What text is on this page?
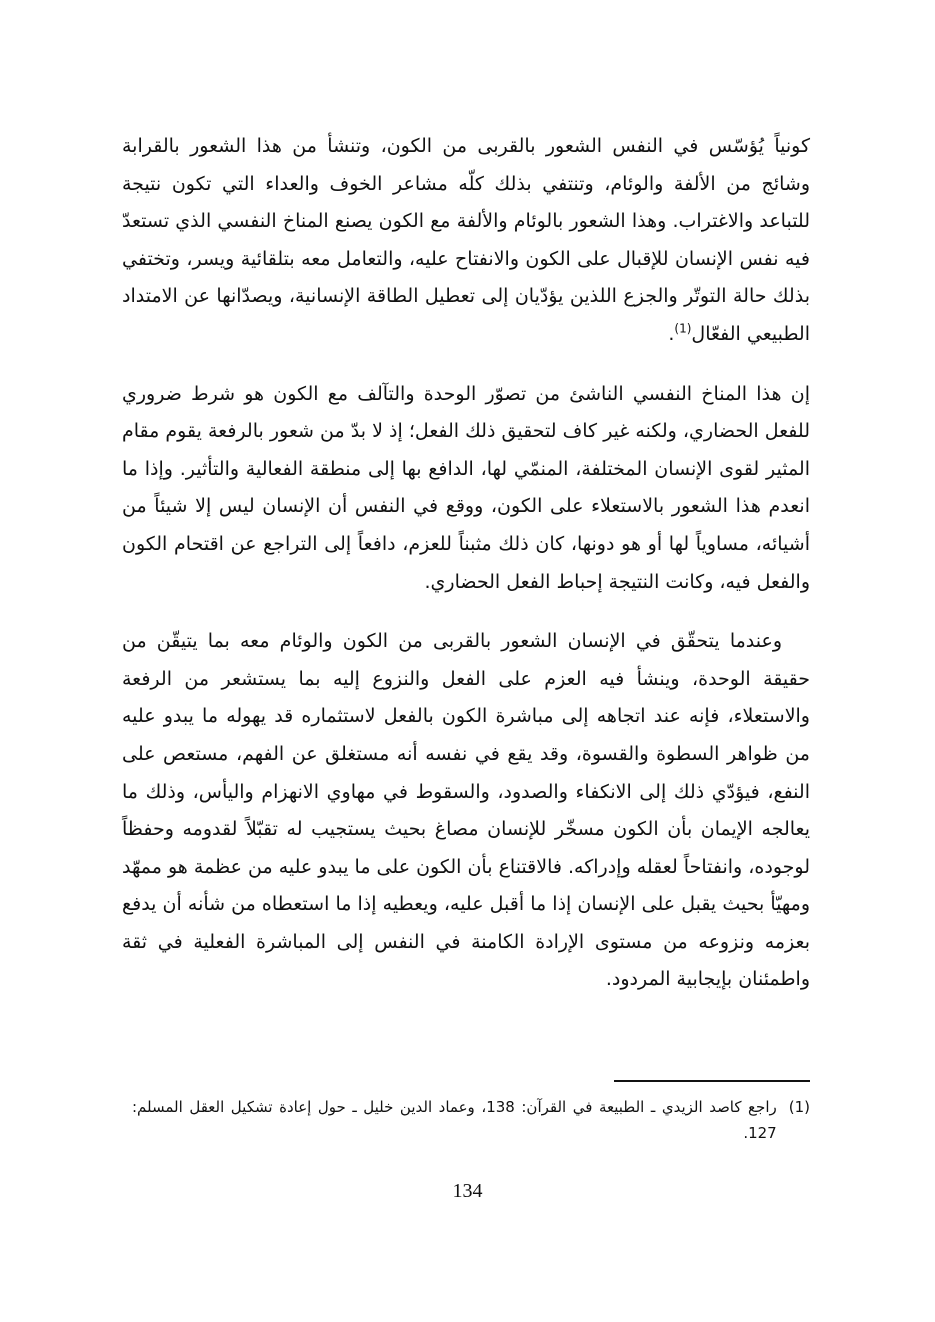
كونياً يُؤسّس في النفس الشعور بالقربى من الكون، وتنشأ من هذا الشعور بالقرابة وشائج من الألفة والوئام، وتنتفي بذلك كلّه مشاعر الخوف والعداء التي تكون نتيجة للتباعد والاغتراب. وهذا الشعور بالوئام والألفة مع الكون يصنع المناخ النفسي الذي تستعدّ فيه نفس الإنسان للإقبال على الكون والانفتاح عليه، والتعامل معه بتلقائية ويسر، وتختفي بذلك حالة التوتّر والجزع اللذين يؤدّيان إلى تعطيل الطاقة الإنسانية، ويصدّانها عن الامتداد الطبيعي الفعّال$^{(1)}$.

إن هذا المناخ النفسي الناشئ من تصوّر الوحدة والتآلف مع الكون هو شرط ضروري للفعل الحضاري، ولكنه غير كاف لتحقيق ذلك الفعل؛ إذ لا بدّ من شعور بالرفعة يقوم مقام المثير لقوى الإنسان المختلفة، المنمّي لها، الدافع بها إلى منطقة الفعالية والتأثير. وإذا ما انعدم هذا الشعور بالاستعلاء على الكون، ووقع في النفس أن الإنسان ليس إلا شيئاً من أشيائه، مساوياً لها أو هو دونها، كان ذلك مثبناً للعزم، دافعاً إلى التراجع عن اقتحام الكون والفعل فيه، وكانت النتيجة إحباط الفعل الحضاري.

وعندما يتحقّق في الإنسان الشعور بالقربى من الكون والوئام معه بما يتيقّن من حقيقة الوحدة، وينشأ فيه العزم على الفعل والنزوع إليه بما يستشعر من الرفعة والاستعلاء، فإنه عند اتجاهه إلى مباشرة الكون بالفعل لاستثماره قد يهوله ما يبدو عليه من ظواهر السطوة والقسوة، وقد يقع في نفسه أنه مستغلق عن الفهم، مستعص على النفع، فيؤدّي ذلك إلى الانكفاء والصدود، والسقوط في مهاوي الانهزام واليأس، وذلك ما يعالجه الإيمان بأن الكون مسخّر للإنسان مصاغ بحيث يستجيب له تقبّلاً لقدومه وحفظاً لوجوده، وانفتاحاً لعقله وإدراكه. فالاقتناع بأن الكون على ما يبدو عليه من عظمة هو ممهّد ومهيّأ بحيث يقبل على الإنسان إذا ما أقبل عليه، ويعطيه إذا ما استعطاه من شأنه أن يدفع بعزمه ونزوعه من مستوى الإرادة الكامنة في النفس إلى المباشرة الفعلية في ثقة واطمئنان بإيجابية المردود.

(1)
راجع كاصد الزيدي ـ الطبيعة في القرآن: 138، وعماد الدين خليل ـ حول إعادة تشكيل العقل المسلم: 127.

134
